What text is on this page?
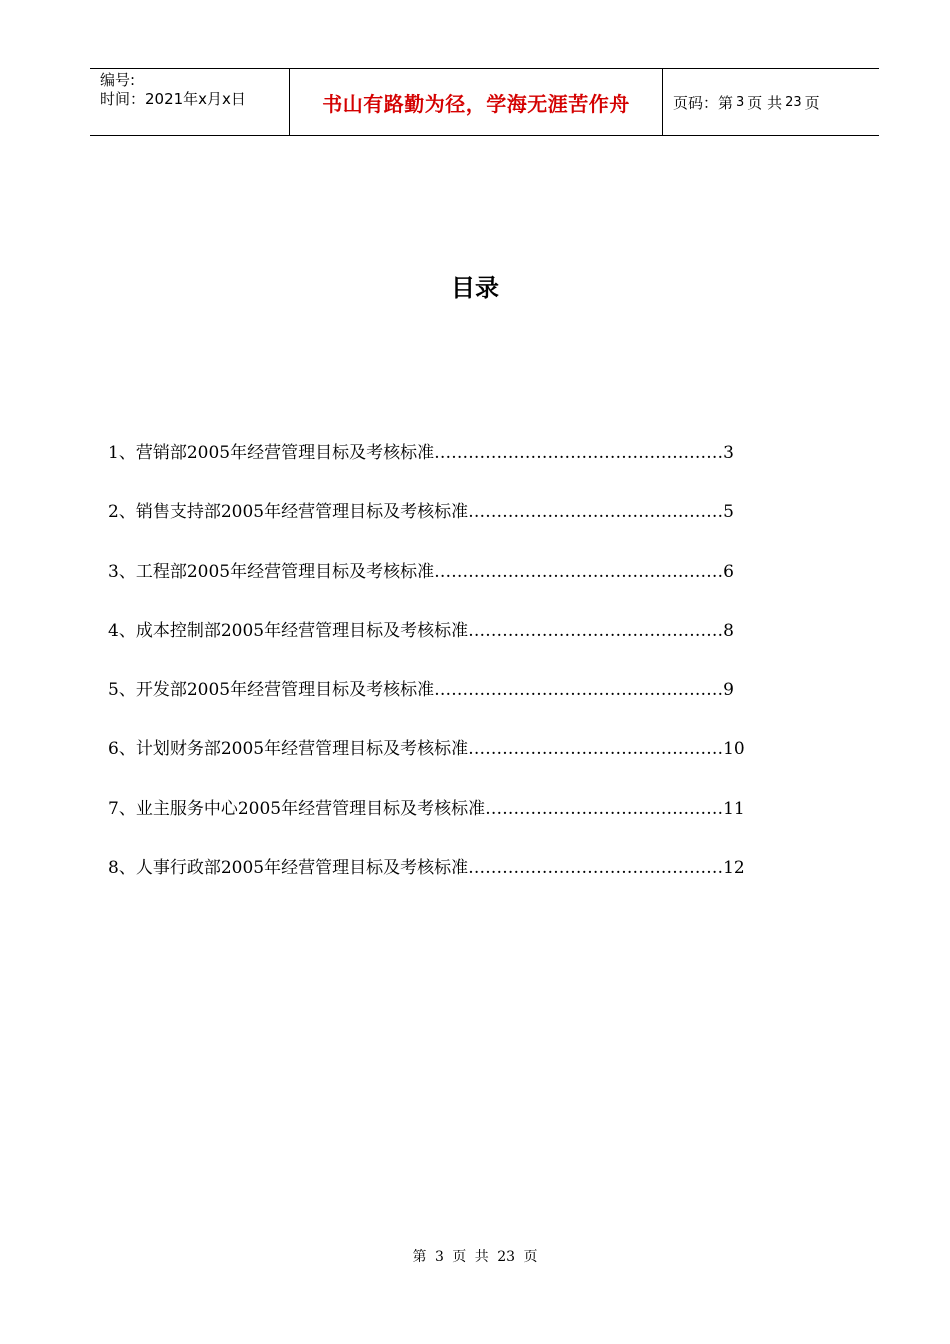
编号:
时间：2021年x月x日	书山有路勤为径，学海无涯苦作舟	页码：第 3 页 共 23 页
目录
1、营销部2005年经营管理目标及考核标准……………………………………………3
2、销售支持部2005年经营管理目标及考核标准………………………………………5
3、工程部2005年经营管理目标及考核标准……………………………………………6
4、成本控制部2005年经营管理目标及考核标准………………………………………8
5、开发部2005年经营管理目标及考核标准……………………………………………9
6、计划财务部2005年经营管理目标及考核标准………………………………………10
7、业主服务中心2005年经营管理目标及考核标准……………………………………11
8、人事行政部2005年经营管理目标及考核标准………………………………………12
第 3 页 共 23 页
